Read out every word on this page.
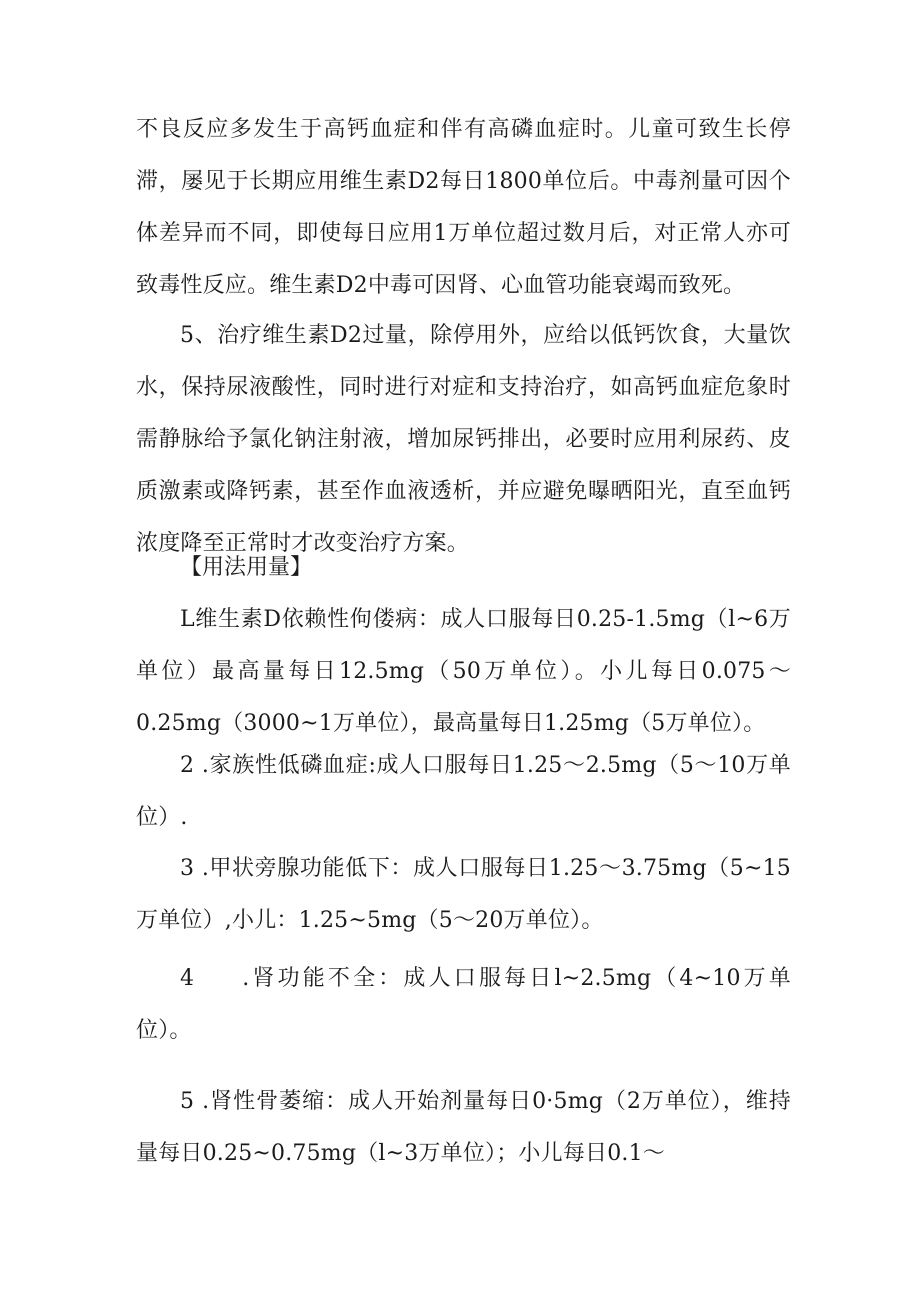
不良反应多发生于高钙血症和伴有高磷血症时。儿童可致生长停滞，屡见于长期应用维生素D2每日1800单位后。中毒剂量可因个体差异而不同，即使每日应用1万单位超过数月后，对正常人亦可致毒性反应。维生素D2中毒可因肾、心血管功能衰竭而致死。

5、治疗维生素D2过量，除停用外，应给以低钙饮食，大量饮水，保持尿液酸性，同时进行对症和支持治疗，如高钙血症危象时需静脉给予氯化钠注射液，增加尿钙排出，必要时应用利尿药、皮质激素或降钙素，甚至作血液透析，并应避免曝晒阳光，直至血钙浓度降至正常时才改变治疗方案。

【用法用量】

L维生素D依赖性佝偻病：成人口服每日0.25-1.5mg（l~6万单位）最高量每日12.5mg（50万单位）。小儿每日0.075～0.25mg（3000~1万单位），最高量每日1.25mg（5万单位）。

2 .家族性低磷血症:成人口服每日1.25～2.5mg（5～10万单位）.

3 .甲状旁腺功能低下：成人口服每日1.25～3.75mg（5~15万单位）,小儿：1.25~5mg（5～20万单位）。

4 .肾功能不全：成人口服每日l~2.5mg（4~10万单位）。

5 .肾性骨萎缩：成人开始剂量每日0·5mg（2万单位），维持量每日0.25~0.75mg（l~3万单位）；小儿每日0.1～
